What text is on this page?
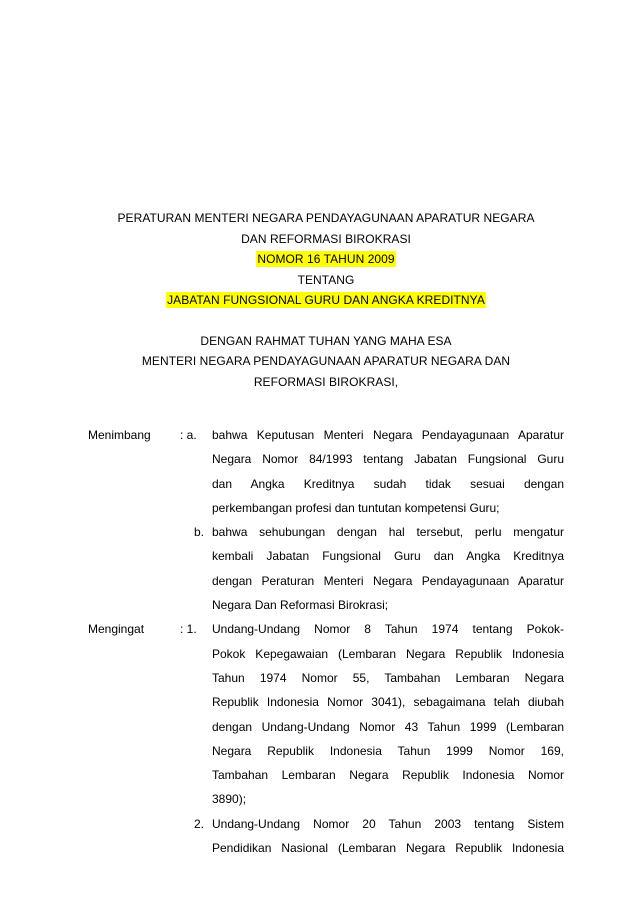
PERATURAN MENTERI NEGARA PENDAYAGUNAAN APARATUR NEGARA
DAN REFORMASI BIROKRASI
NOMOR 16 TAHUN 2009
TENTANG
JABATAN FUNGSIONAL GURU DAN ANGKA KREDITNYA
DENGAN RAHMAT TUHAN YANG MAHA ESA
MENTERI NEGARA PENDAYAGUNAAN APARATUR NEGARA DAN
REFORMASI BIROKRASI,
Menimbang	: a.	bahwa Keputusan Menteri Negara Pendayagunaan Aparatur
Negara Nomor 84/1993 tentang Jabatan Fungsional Guru
dan Angka Kreditnya sudah tidak sesuai dengan
perkembangan profesi dan tuntutan kompetensi Guru;
b. bahwa sehubungan dengan hal tersebut, perlu mengatur
kembali Jabatan Fungsional Guru dan Angka Kreditnya
dengan Peraturan Menteri Negara Pendayagunaan Aparatur
Negara Dan Reformasi Birokrasi;
Mengingat	: 1.	Undang-Undang Nomor 8 Tahun 1974 tentang Pokok-
Pokok Kepegawaian (Lembaran Negara Republik Indonesia
Tahun 1974 Nomor 55, Tambahan Lembaran Negara
Republik Indonesia Nomor 3041), sebagaimana telah diubah
dengan Undang-Undang Nomor 43 Tahun 1999 (Lembaran
Negara Republik Indonesia Tahun 1999 Nomor 169,
Tambahan Lembaran Negara Republik Indonesia Nomor
3890);
2. Undang-Undang Nomor 20 Tahun 2003 tentang Sistem
Pendidikan Nasional (Lembaran Negara Republik Indonesia
